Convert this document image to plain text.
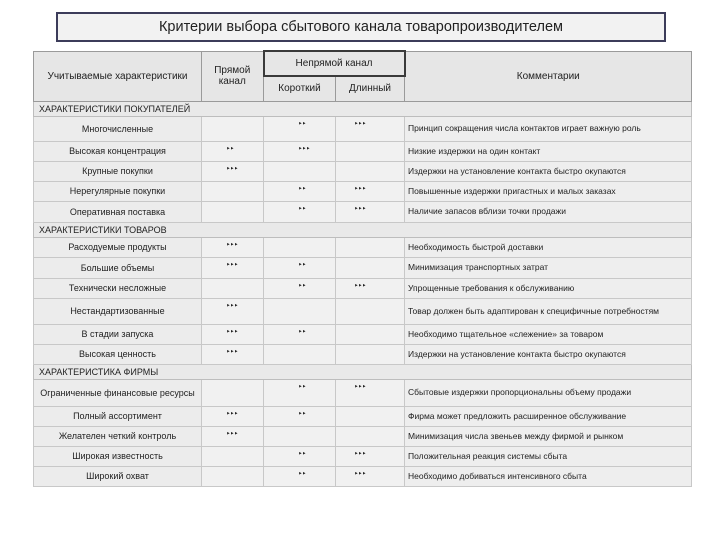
Критерии выбора сбытового канала товаропроизводителем
Учитываемые характеристики	Прямой канал	Непрямой канал		Комментарии
		Короткий	Длинный	
ХАРАКТЕРИСТИКИ ПОКУПАТЕЛЕЙ				
Многочисленные		‣‣	‣‣‣	Принцип сокращения числа контактов играет важную роль
Высокая концентрация	‣‣	‣‣‣		Низкие издержки на один контакт
Крупные покупки	‣‣‣			Издержки на установление контакта быстро окупаются
Нерегулярные покупки		‣‣	‣‣‣	Повышенные издержки пригастных и малых заказах
Оперативная поставка		‣‣	‣‣‣	Наличие запасов вблизи точки продажи
ХАРАКТЕРИСТИКИ ТОВАРОВ				
Расходуемые продукты	‣‣‣			Необходимость быстрой доставки
Большие объемы	‣‣‣	‣‣		Минимизация транспортных затрат
Технически несложные		‣‣	‣‣‣	Упрощенные требования к обслуживанию
Нестандартизованные	‣‣‣			Товар должен быть адаптирован к специфичные потребностям
В стадии запуска	‣‣‣	‣‣		Необходимо тщательное «слежение» за товаром
Высокая ценность	‣‣‣			Издержки на установление контакта быстро окупаются
ХАРАКТЕРИСТИКА ФИРМЫ				
Ограниченные финансовые ресурсы		‣‣	‣‣‣	Сбытовые издержки пропорциональны объему продажи
Полный ассортимент	‣‣‣	‣‣		Фирма может предложить расширенное обслуживание
Желателен четкий контроль	‣‣‣			Минимизация числа звеньев между фирмой и рынком
Широкая известность		‣‣	‣‣‣	Положительная реакция системы сбыта
Широкий охват		‣‣	‣‣‣	Необходимо добиваться интенсивного сбыта
